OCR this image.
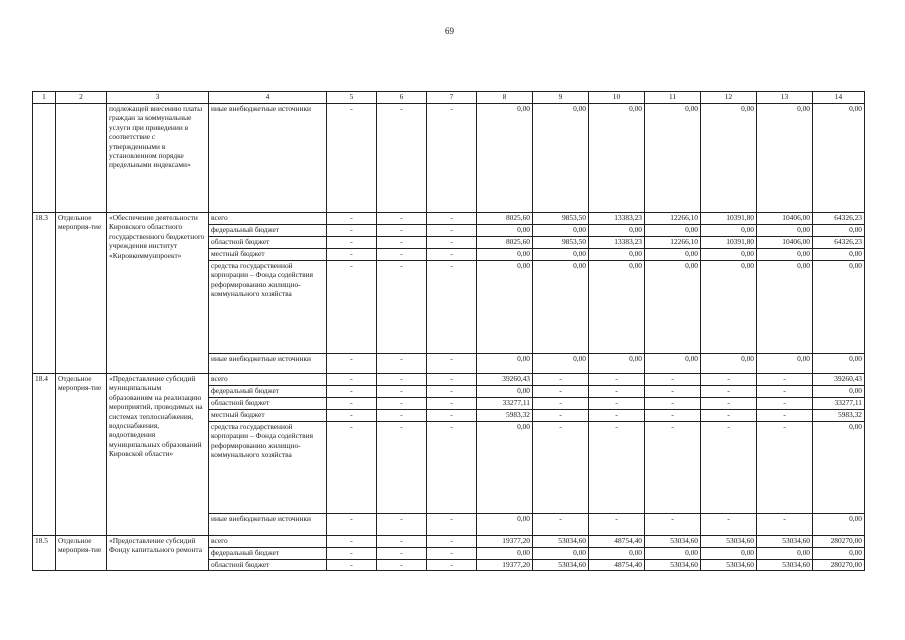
69
1	2	3	4	5	6	7	8	9	10	11	12	13	14
		подлежащей внесению платы граждан за коммунальные услуги при приведении в соответствие с утвержденными в установленном порядке предельными индексами»	иные внебюджетные источники	-	-	-	0,00	0,00	0,00	0,00	0,00	0,00	0,00
18.3	Отдельное мероприя-тие	«Обеспечение деятельности Кировского областного государственного бюджетного учреждения институт «Кировкоммунпроект»	всего	-	-	-	8025,60	9853,50	13383,23	12266,10	10391,80	10406,00	64326,23
			федеральный бюджет	-	-	-	0,00	0,00	0,00	0,00	0,00	0,00	0,00
			областной бюджет	-	-	-	8025,60	9853,50	13383,23	12266,10	10391,80	10406,00	64326,23
			местный бюджет	-	-	-	0,00	0,00	0,00	0,00	0,00	0,00	0,00
			средства государственной корпорации – Фонда содействия реформированию жилищно-коммунального хозяйства	-	-	-	0,00	0,00	0,00	0,00	0,00	0,00	0,00
			иные внебюджетные источники	-	-	-	0,00	0,00	0,00	0,00	0,00	0,00	0,00
18.4	Отдельное мероприя-тие	«Предоставление субсидий муниципальным образованиям на реализацию мероприятий, проводимых на системах теплоснабжения, водоснабжения, водоотведения муниципальных образований Кировской области»	всего	-	-	-	39260,43	-	-	-	-	-	39260,43
			федеральный бюджет	-	-	-	0,00	-	-	-	-	-	0,00
			областной бюджет	-	-	-	33277,11	-	-	-	-	-	33277,11
			местный бюджет	-	-	-	5983,32	-	-	-	-	-	5983,32
			средства государственной корпорации – Фонда содействия реформированию жилищно-коммунального хозяйства	-	-	-	0,00	-	-	-	-	-	0,00
			иные внебюджетные источники	-	-	-	0,00	-	-	-	-	-	0,00
18.5	Отдельное мероприя-тие	«Предоставление субсидий Фонду капитального ремонта	всего	-	-	-	19377,20	53034,60	48754,40	53034,60	53034,60	53034,60	280270,00
			федеральный бюджет	-	-	-	0,00	0,00	0,00	0,00	0,00	0,00	0,00
			областной бюджет	-	-	-	19377,20	53034,60	48754,40	53034,60	53034,60	53034,60	280270,00
